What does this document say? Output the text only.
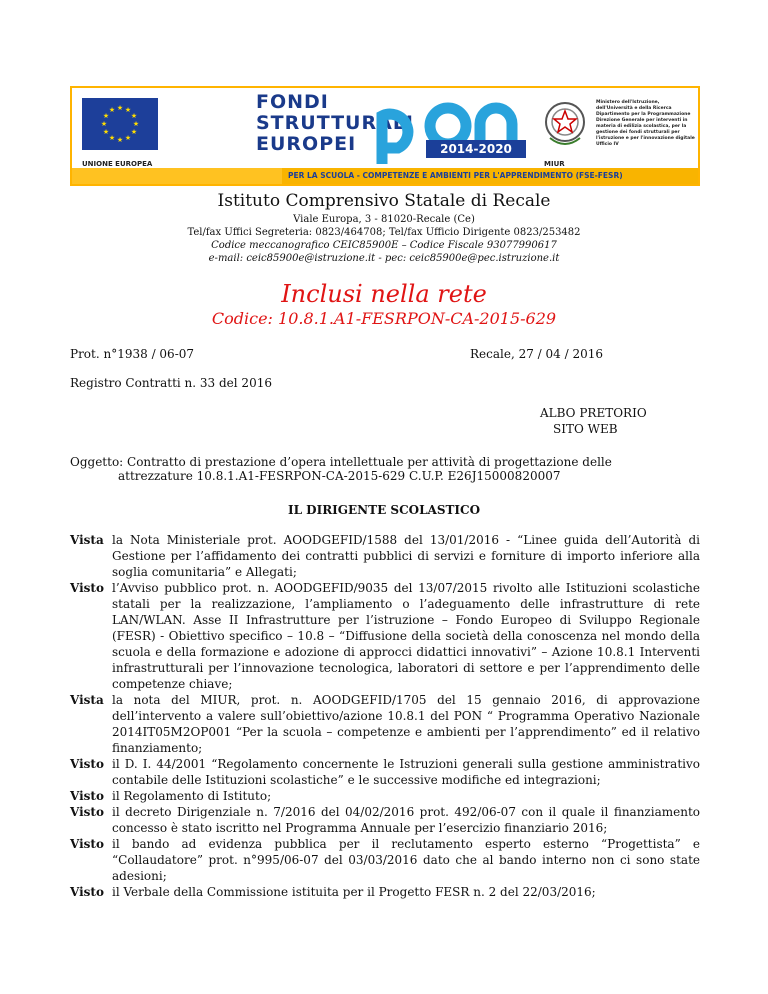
★ ★
★
★
★
★
★
★
★
★
★
★
UNIONE EUROPEA
FONDI
STRUTTURALI
EUROPEI	2014-2020
MIUR
Ministero dell'Istruzione, dell'Università e della Ricerca Dipartimento per la Programmazione Direzione Generale per interventi in materia di edilizia scolastica, per la gestione dei fondi strutturali per l'istruzione e per l'innovazione digitale Ufficio IV
PER LA SCUOLA - COMPETENZE E AMBIENTI PER L'APPRENDIMENTO (FSE-FESR)
Istituto Comprensivo Statale di Recale
Viale Europa, 3 - 81020-Recale (Ce)
Tel/fax Uffici Segreteria: 0823/464708; Tel/fax Ufficio Dirigente 0823/253482
Codice meccanografico CEIC85900E – Codice Fiscale 93077990617
e-mail: ceic85900e@istruzione.it - pec: ceic85900e@pec.istruzione.it
Inclusi nella rete
Codice: 10.8.1.A1-FESRPON-CA-2015-629
Prot. n°1938 / 06-07	Recale, 27 / 04 / 2016
Registro Contratti n. 33 del 2016
ALBO PRETORIO
SITO WEB
Oggetto: Contratto di prestazione d’opera intellettuale per attività di progettazione delle
attrezzature 10.8.1.A1-FESRPON-CA-2015-629 C.U.P. E26J15000820007
IL DIRIGENTE SCOLASTICO

Vista la Nota Ministeriale prot. AOODGEFID/1588 del 13/01/2016 - “Linee guida dell’Autorità di Gestione per l’affidamento dei contratti pubblici di servizi e forniture di importo inferiore alla soglia comunitaria” e Allegati;

Visto l’Avviso pubblico prot. n. AOODGEFID/9035 del 13/07/2015 rivolto alle Istituzioni scolastiche statali per la realizzazione, l’ampliamento o l’adeguamento delle infrastrutture di rete LAN/WLAN. Asse II Infrastrutture per l’istruzione – Fondo Europeo di Sviluppo Regionale (FESR) - Obiettivo specifico – 10.8 – “Diffusione della società della conoscenza nel mondo della scuola e della formazione e adozione di approcci didattici innovativi” – Azione 10.8.1 Interventi infrastrutturali per l’innovazione tecnologica, laboratori di settore e per l’apprendimento delle competenze chiave;

Vista la nota del MIUR, prot. n. AOODGEFID/1705 del 15 gennaio 2016, di approvazione dell’intervento a valere sull’obiettivo/azione 10.8.1 del PON “ Programma Operativo Nazionale 2014IT05M2OP001 “Per la scuola – competenze e ambienti per l’apprendimento” ed il relativo finanziamento;

Visto il D. I. 44/2001 “Regolamento concernente le Istruzioni generali sulla gestione amministrativo contabile delle Istituzioni scolastiche” e le successive modifiche ed integrazioni;

Visto il Regolamento di Istituto;

Visto il decreto Dirigenziale n. 7/2016 del 04/02/2016 prot. 492/06-07 con il quale il finanziamento concesso è stato iscritto nel Programma Annuale per l’esercizio finanziario 2016;

Visto il bando ad evidenza pubblica per il reclutamento esperto esterno “Progettista” e “Collaudatore” prot. n°995/06-07 del 03/03/2016 dato che al bando interno non ci sono state adesioni;

Visto il Verbale della Commissione istituita per il Progetto FESR n. 2 del 22/03/2016;
